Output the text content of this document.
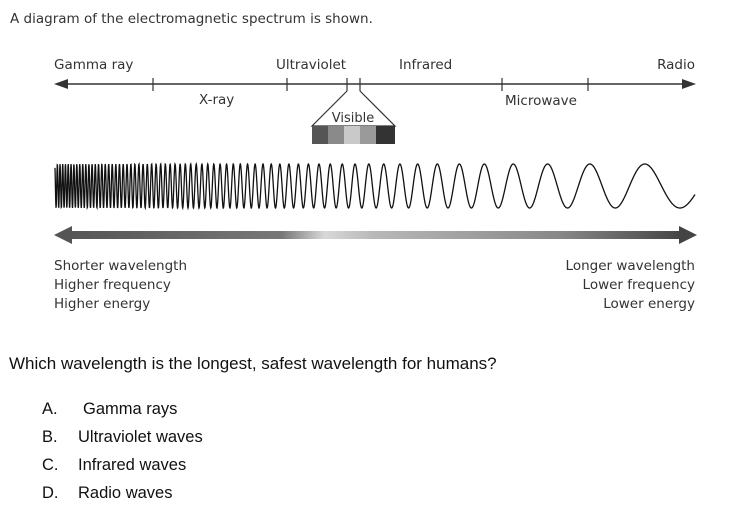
A diagram of the electromagnetic spectrum is shown.
Gamma ray	Ultraviolet	Infrared	Radio
X-ray	Microwave
Visible
Shorter wavelength
Higher frequency
Higher energy
Longer wavelength
Lower frequency
Lower energy
Which wavelength is the longest, safest wavelength for humans?
A. Gamma rays
B. Ultraviolet waves
C. Infrared waves
D. Radio waves
